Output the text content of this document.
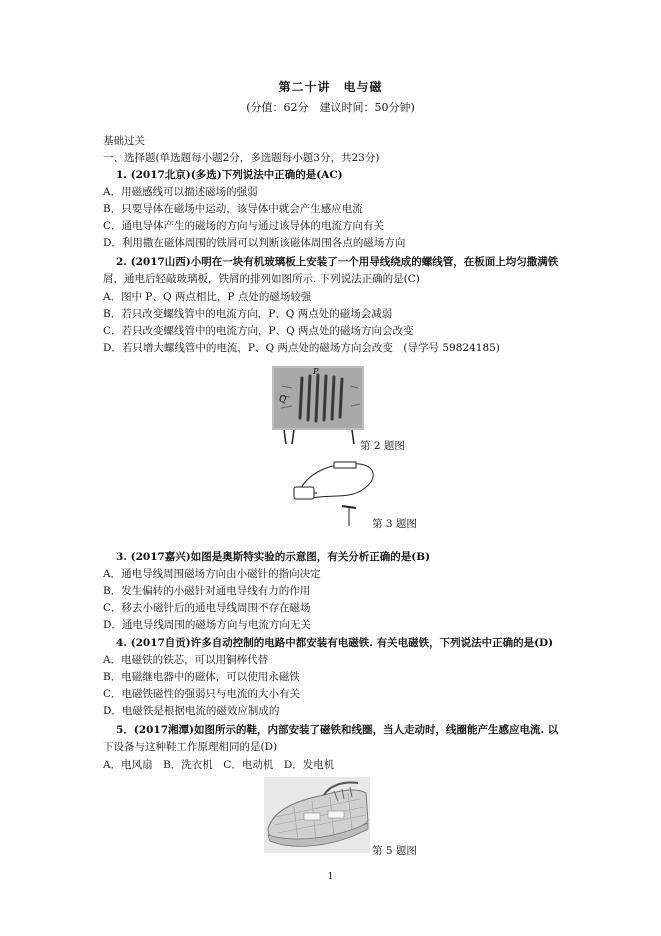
第二十讲　电与磁
(分值：62分　建议时间：50分钟)
基础过关
一、选择题(单选题每小题2分，多选题每小题3分，共23分)
1. (2017北京)(多选)下列说法中正确的是(AC)
A．用磁感线可以描述磁场的强弱
B．只要导体在磁场中运动，该导体中就会产生感应电流
C．通电导体产生的磁场的方向与通过该导体的电流方向有关
D．利用撒在磁体周围的铁屑可以判断该磁体周围各点的磁场方向
2. (2017山西)小明在一块有机玻璃板上安装了一个用导线绕成的螺线管，在板面上均匀撒满铁
屑，通电后轻敲玻璃板，铁屑的排列如图所示. 下列说法正确的是(C)
A．图中 P、Q 两点相比，P 点处的磁场较强
B．若只改变螺线管中的电流方向，P、Q 两点处的磁场会减弱
C．若只改变螺线管中的电流方向，P、Q 两点处的磁场方向会改变
D．若只增大螺线管中的电流，P、Q 两点处的磁场方向会改变　(导学号 59824185)
Q
P
第 2 题图
第 3 题图
3. (2017嘉兴)如图是奥斯特实验的示意图，有关分析正确的是(B)
A．通电导线周围磁场方向由小磁针的指向决定
B．发生偏转的小磁针对通电导线有力的作用
C．移去小磁针后的通电导线周围不存在磁场
D．通电导线周围的磁场方向与电流方向无关
4. (2017自贡)许多自动控制的电路中都安装有电磁铁. 有关电磁铁，下列说法中正确的是(D)
A．电磁铁的铁芯，可以用铜棒代替
B．电磁继电器中的磁体，可以使用永磁铁
C．电磁铁磁性的强弱只与电流的大小有关
D．电磁铁是根据电流的磁效应制成的
5．(2017湘潭)如图所示的鞋，内部安装了磁铁和线圈，当人走动时，线圈能产生感应电流. 以
下设备与这种鞋工作原理相同的是(D)
A．电风扇　B．洗衣机　C．电动机　D．发电机
第 5 题图
1
